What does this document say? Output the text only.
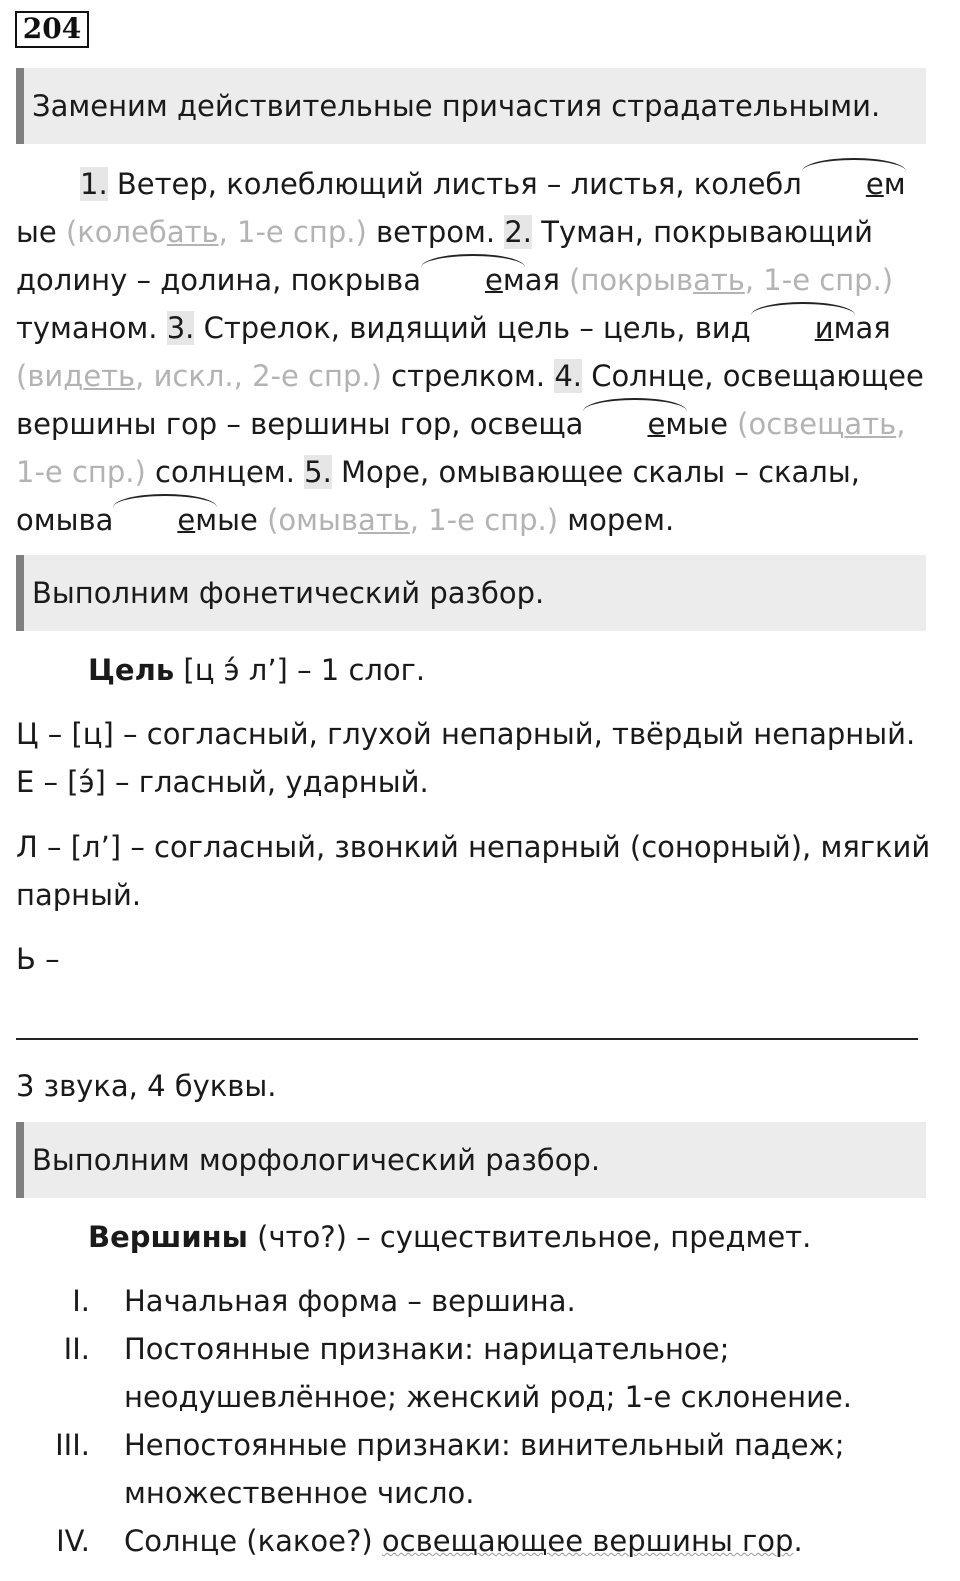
204
Заменим действительные причастия страдательными.
1. Ветер, колеблющий листья – листья, колебл емые (колебать, 1-е спр.) ветром. 2. Туман, покрывающий долину – долина, покрыва емая (покрывать, 1-е спр.) туманом. 3. Стрелок, видящий цель – цель, вид имая (видеть, искл., 2-е спр.) стрелком. 4. Солнце, освещающее вершины гор – вершины гор, освеща емые (освещать, 1-е спр.) солнцем. 5. Море, омывающее скалы – скалы, омыва емые (омывать, 1-е спр.) морем.
Выполним фонетический разбор.
Цель [ц э́ л’] – 1 слог.
Ц – [ц] – согласный, глухой непарный, твёрдый непарный.
Е – [э́] – гласный, ударный.
Л – [л’] – согласный, звонкий непарный (сонорный), мягкий
парный.
Ь –
3 звука, 4 буквы.
Выполним морфологический разбор.
Вершины (что?) – существительное, предмет.
I. Начальная форма – вершина.
II. Постоянные признаки: нарицательное;
неодушевлённое; женский род; 1-е склонение.
III. Непостоянные признаки: винительный падеж;
множественное число.
IV. Солнце (какое?) освещающее вершины гор.
